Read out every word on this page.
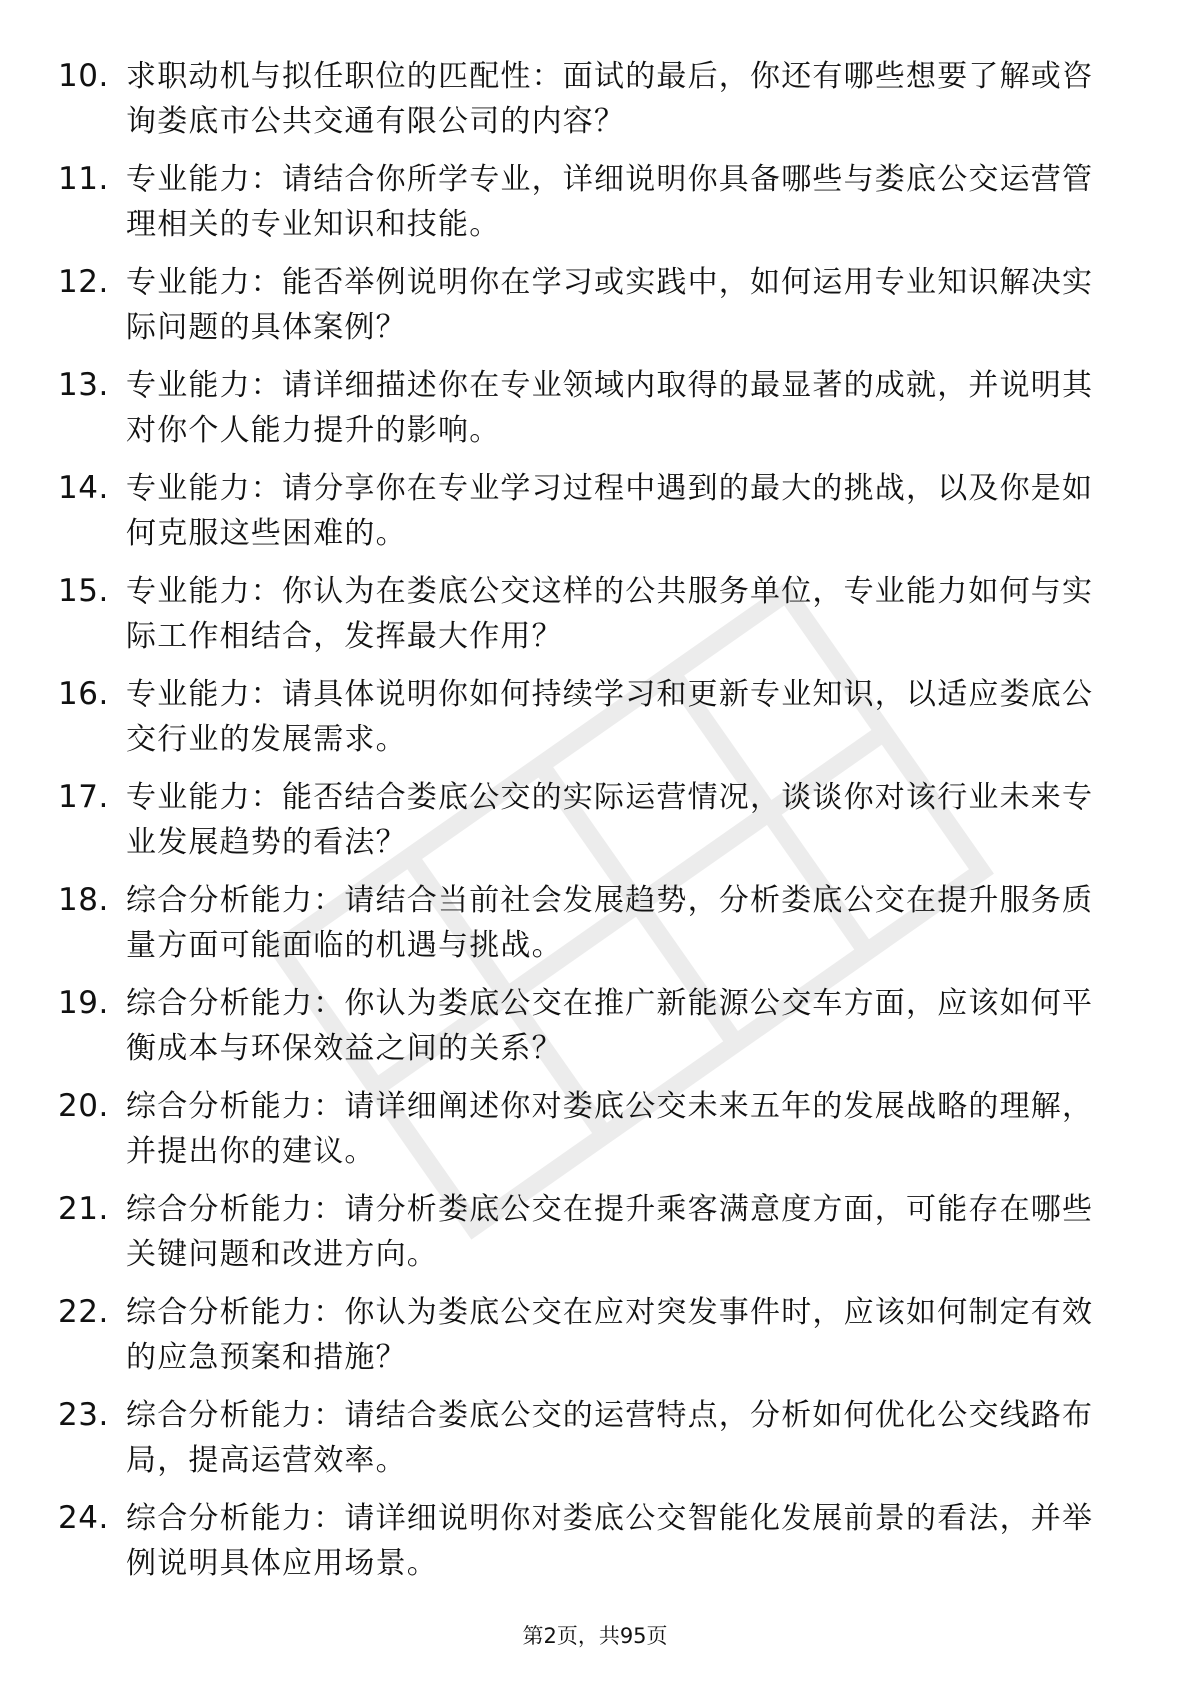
10. 求职动机与拟任职位的匹配性：面试的最后，你还有哪些想要了解或咨询娄底市公共交通有限公司的内容？
11. 专业能力：请结合你所学专业，详细说明你具备哪些与娄底公交运营管理相关的专业知识和技能。
12. 专业能力：能否举例说明你在学习或实践中，如何运用专业知识解决实际问题的具体案例？
13. 专业能力：请详细描述你在专业领域内取得的最显著的成就，并说明其对你个人能力提升的影响。
14. 专业能力：请分享你在专业学习过程中遇到的最大的挑战，以及你是如何克服这些困难的。
15. 专业能力：你认为在娄底公交这样的公共服务单位，专业能力如何与实际工作相结合，发挥最大作用？
16. 专业能力：请具体说明你如何持续学习和更新专业知识，以适应娄底公交行业的发展需求。
17. 专业能力：能否结合娄底公交的实际运营情况，谈谈你对该行业未来专业发展趋势的看法？
18. 综合分析能力：请结合当前社会发展趋势，分析娄底公交在提升服务质量方面可能面临的机遇与挑战。
19. 综合分析能力：你认为娄底公交在推广新能源公交车方面，应该如何平衡成本与环保效益之间的关系？
20. 综合分析能力：请详细阐述你对娄底公交未来五年的发展战略的理解，并提出你的建议。
21. 综合分析能力：请分析娄底公交在提升乘客满意度方面，可能存在哪些关键问题和改进方向。
22. 综合分析能力：你认为娄底公交在应对突发事件时，应该如何制定有效的应急预案和措施？
23. 综合分析能力：请结合娄底公交的运营特点，分析如何优化公交线路布局，提高运营效率。
24. 综合分析能力：请详细说明你对娄底公交智能化发展前景的看法，并举例说明具体应用场景。
第2页，共95页
